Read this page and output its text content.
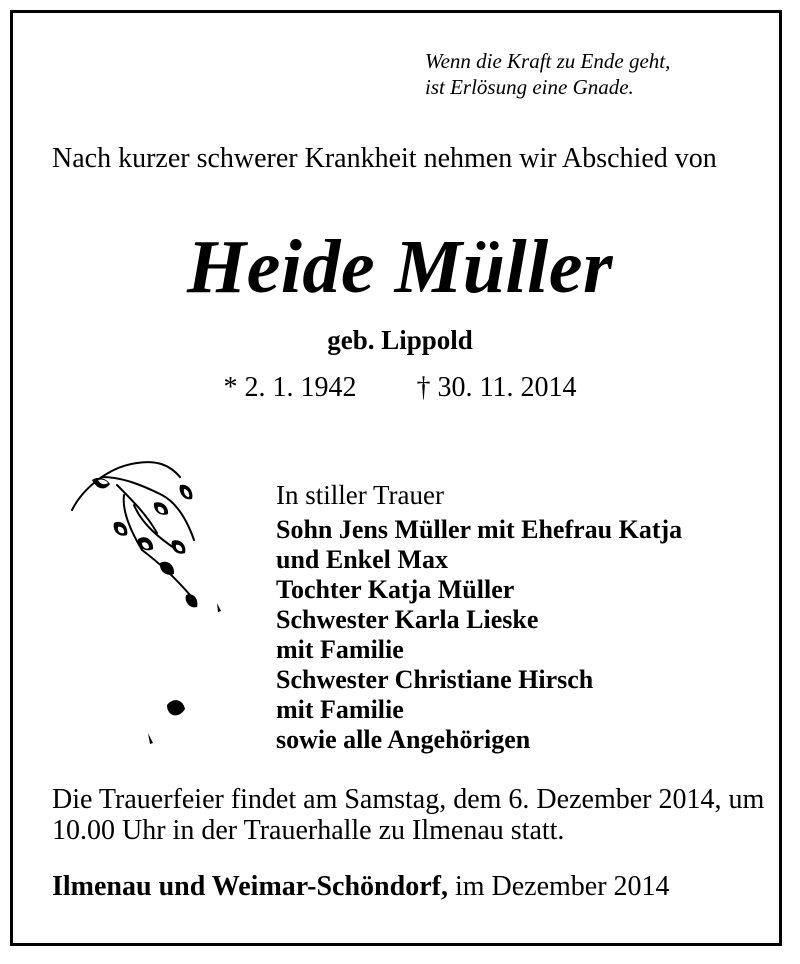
Wenn die Kraft zu Ende geht,
ist Erlösung eine Gnade.
Nach kurzer schwerer Krankheit nehmen wir Abschied von
Heide Müller
geb. Lippold
* 2. 1. 1942 † 30. 11. 2014
In stiller Trauer
Sohn Jens Müller mit Ehefrau Katja
und Enkel Max
Tochter Katja Müller
Schwester Karla Lieske
mit Familie
Schwester Christiane Hirsch
mit Familie
sowie alle Angehörigen
Die Trauerfeier findet am Samstag, dem 6. Dezember 2014, um 10.00 Uhr in der Trauerhalle zu Ilmenau statt.
Ilmenau und Weimar-Schöndorf, im Dezember 2014
